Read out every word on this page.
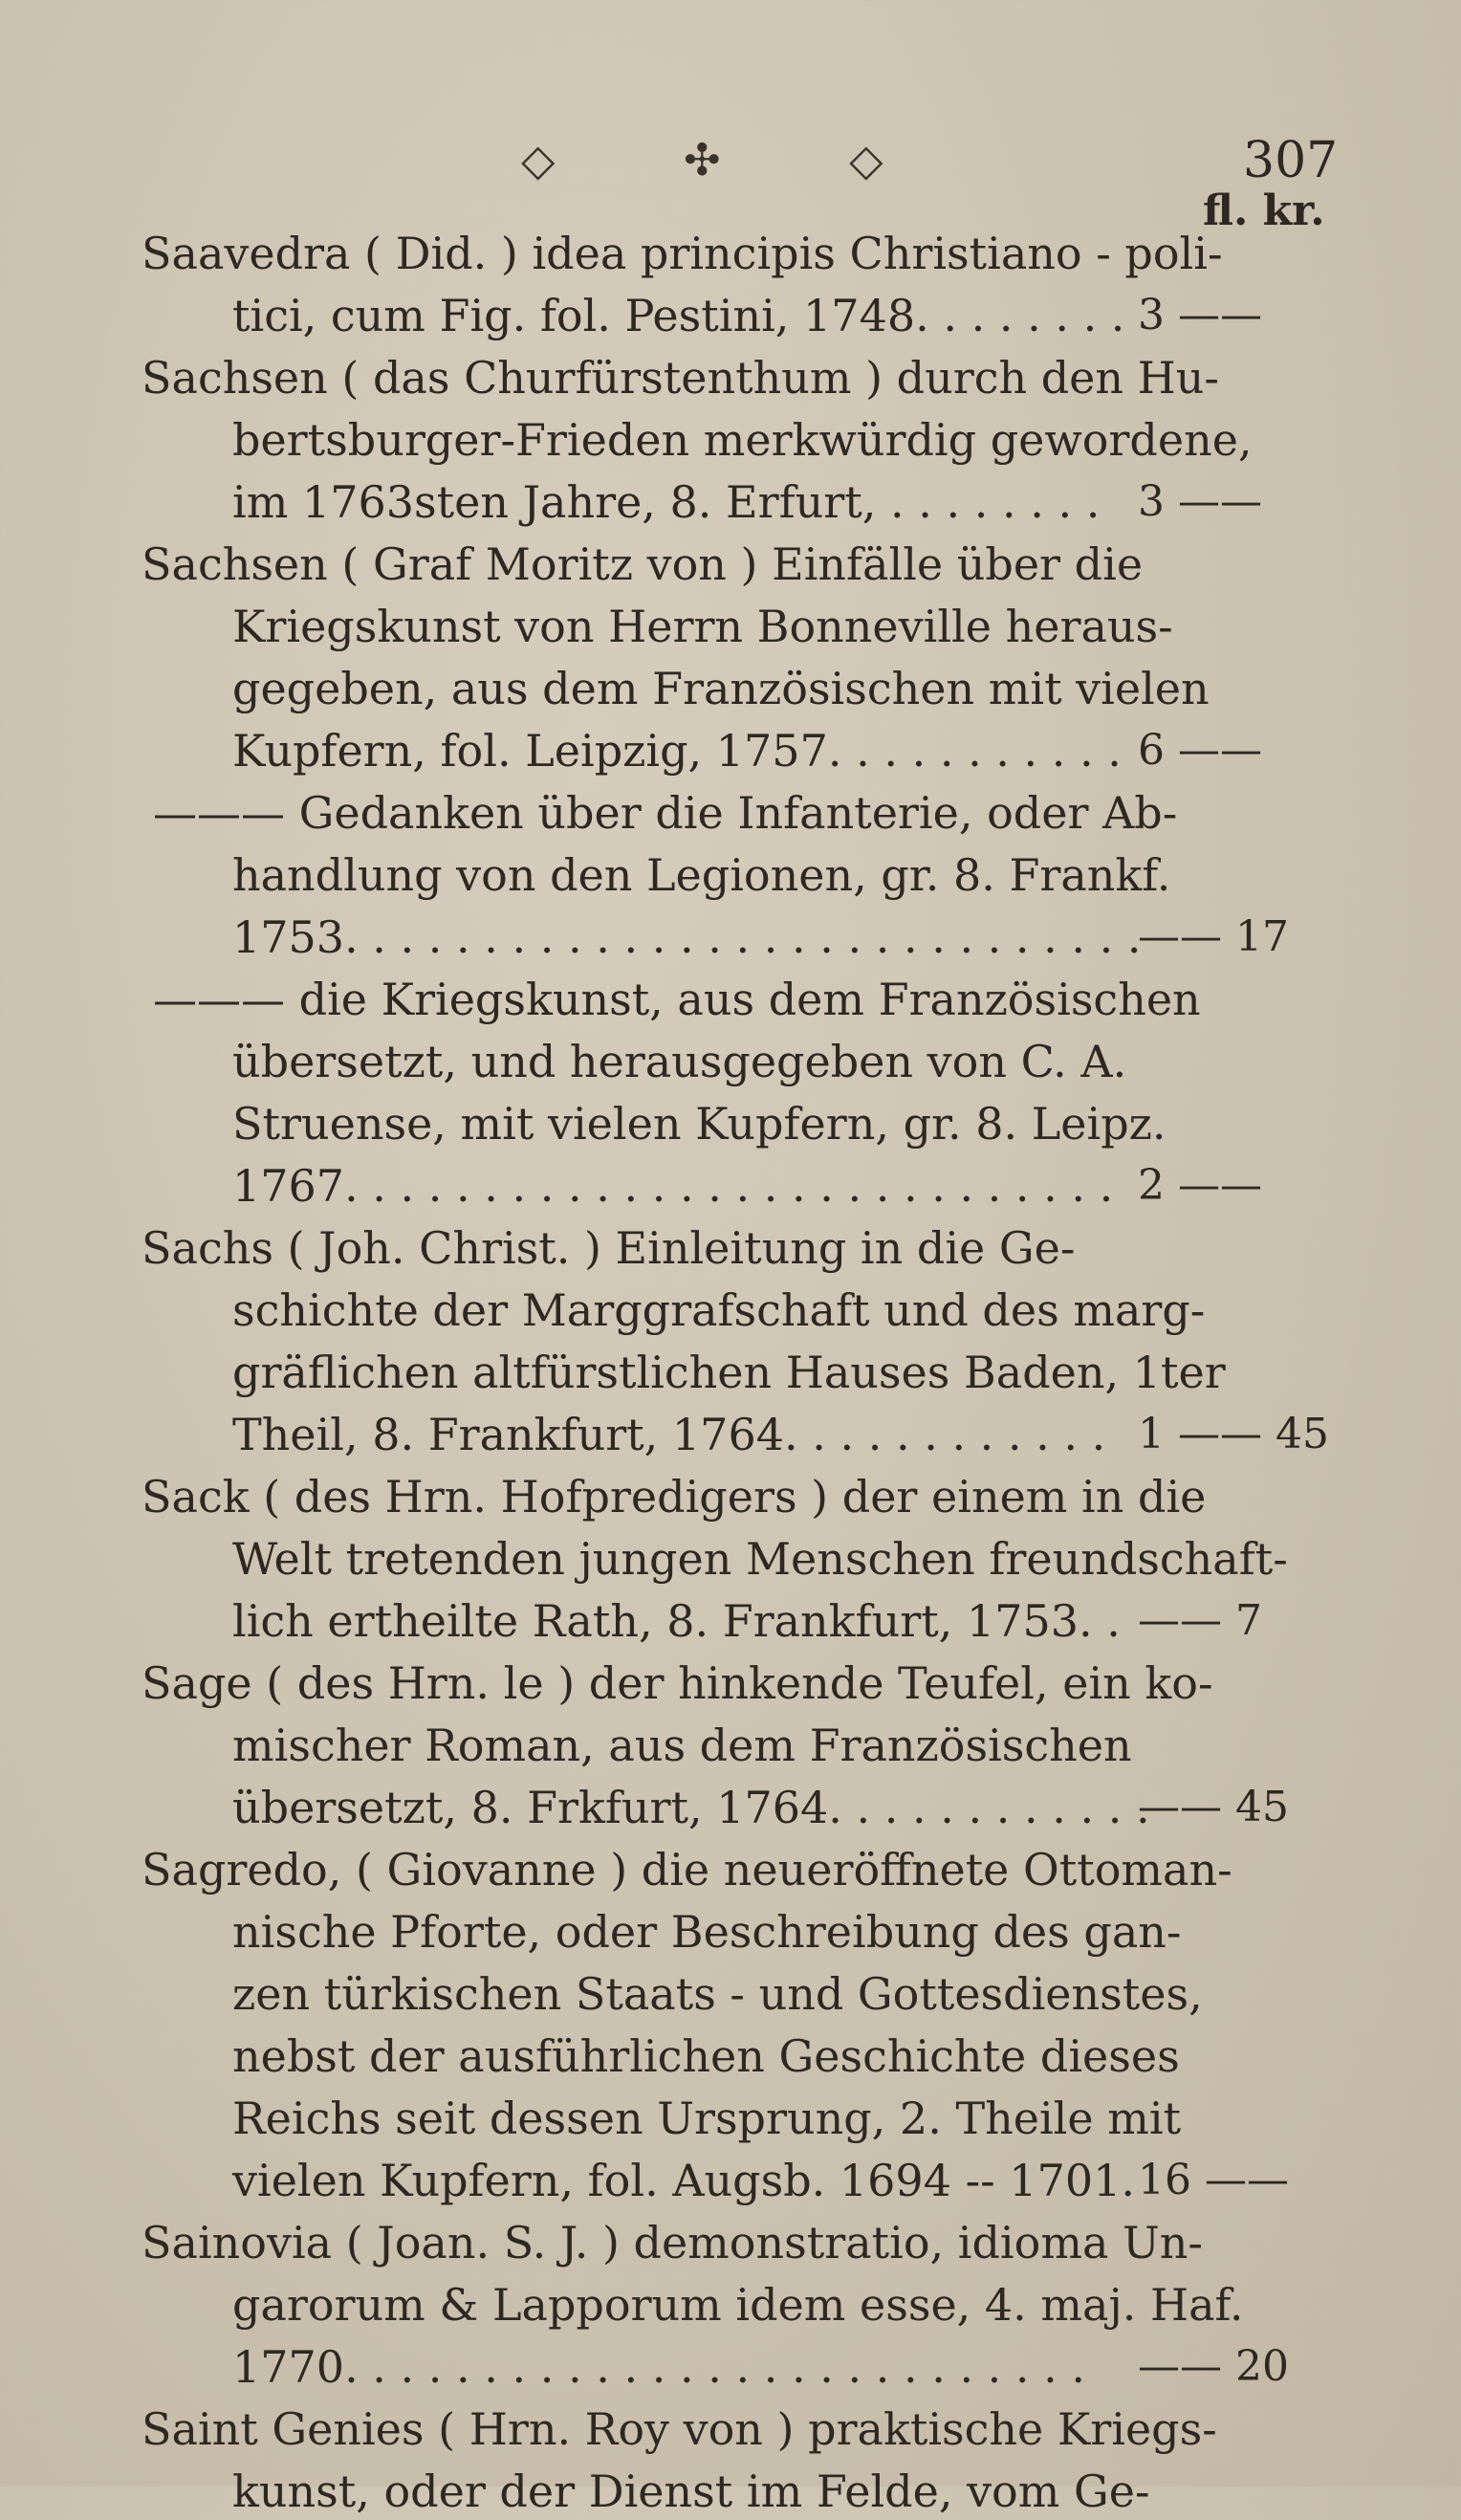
◇ ✣ ◇	307
fl. kr.
Saavedra ( Did. ) idea principis Christiano - poli-
tici, cum Fig. fol. Pestini, 1748. . . . . . . .
Sachsen ( das Churfürstenthum ) durch den Hu-
bertsburger-Frieden merkwürdig gewordene,
im 1763sten Jahre, 8. Erfurt, . . . . . . . .
Sachsen ( Graf Moritz von ) Einfälle über die
Kriegskunst von Herrn Bonneville heraus-
gegeben, aus dem Französischen mit vielen
Kupfern, fol. Leipzig, 1757. . . . . . . . . . .
——— Gedanken über die Infanterie, oder Ab-
handlung von den Legionen, gr. 8. Frankf.
1753. . . . . . . . . . . . . . . . . . . . . . . . . . . . .
——— die Kriegskunst, aus dem Französischen
übersetzt, und herausgegeben von C. A.
Struense, mit vielen Kupfern, gr. 8. Leipz.
1767. . . . . . . . . . . . . . . . . . . . . . . . . . . .
Sachs ( Joh. Christ. ) Einleitung in die Ge-
schichte der Marggrafschaft und des marg-
gräflichen altfürstlichen Hauses Baden, 1ter
Theil, 8. Frankfurt, 1764. . . . . . . . . . . .
Sack ( des Hrn. Hofpredigers ) der einem in die
Welt tretenden jungen Menschen freundschaft-
lich ertheilte Rath, 8. Frankfurt, 1753. .
Sage ( des Hrn. le ) der hinkende Teufel, ein ko-
mischer Roman, aus dem Französischen
übersetzt, 8. Frkfurt, 1764. . . . . . . . . . . .
Sagredo, ( Giovanne ) die neueröffnete Ottoman-
nische Pforte, oder Beschreibung des gan-
zen türkischen Staats - und Gottesdienstes,
nebst der ausführlichen Geschichte dieses
Reichs seit dessen Ursprung, 2. Theile mit
vielen Kupfern, fol. Augsb. 1694 -- 1701.
Sainovia ( Joan. S. J. ) demonstratio, idioma Un-
garorum & Lapporum idem esse, 4. maj. Haf.
1770. . . . . . . . . . . . . . . . . . . . . . . . . . .
Saint Genies ( Hrn. Roy von ) praktische Kriegs-
kunst, oder der Dienst im Felde, vom Ge-
3 ——
3 ——
6 ——
—— 17
2 ——
1 —— 45
—— 7
—— 45
16 ——
—— 20
